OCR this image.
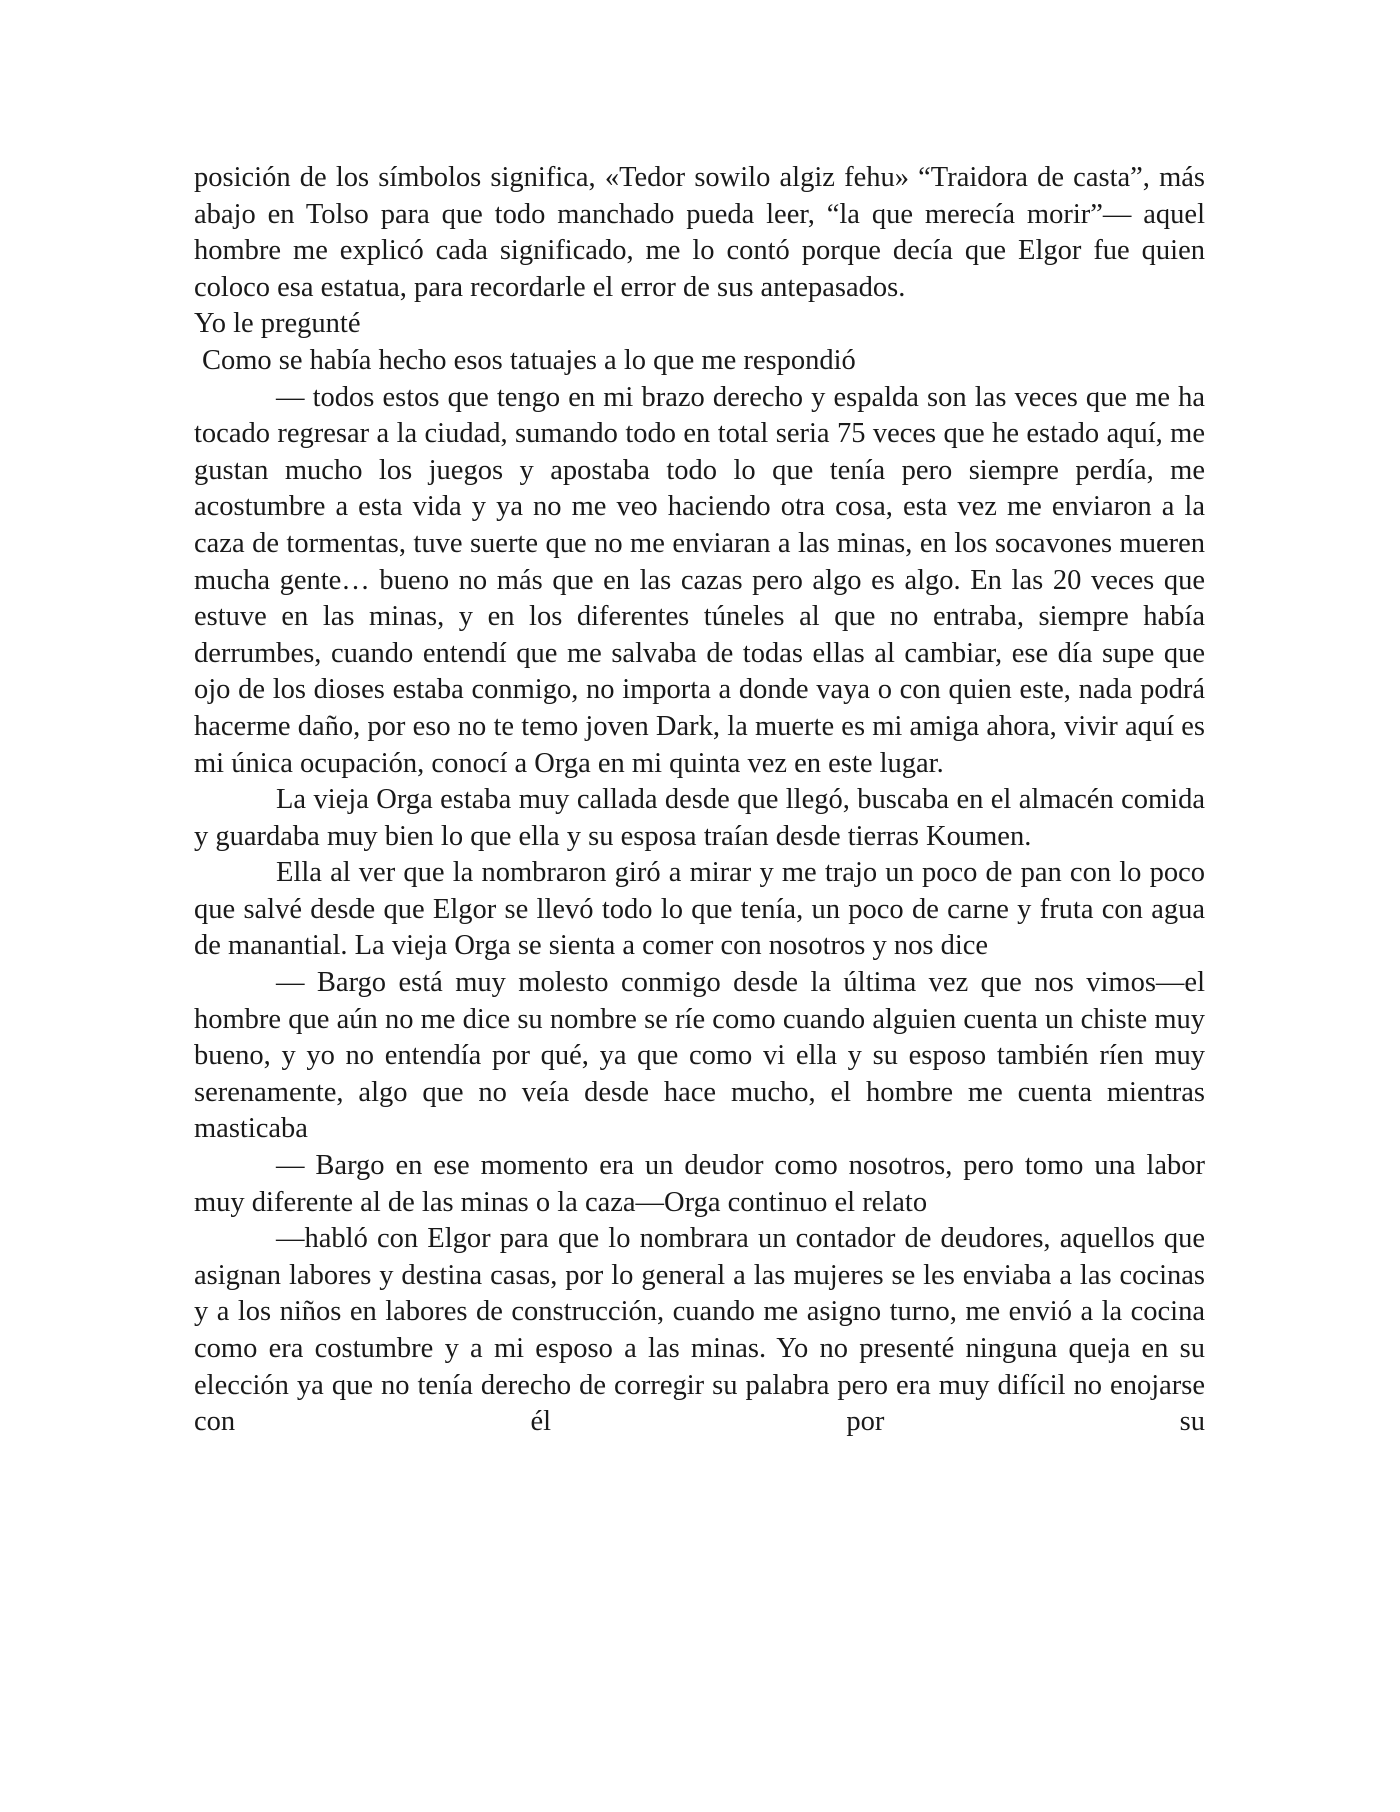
posición de los símbolos significa, «Tedor sowilo algiz fehu» “Traidora de casta”, más abajo en Tolso para que todo manchado pueda leer, “la que merecía morir”— aquel hombre me explicó cada significado, me lo contó porque decía que Elgor fue quien coloco esa estatua, para recordarle el error de sus antepasados.

Yo le pregunté

Como se había hecho esos tatuajes a lo que me respondió

— todos estos que tengo en mi brazo derecho y espalda son las veces que me ha tocado regresar a la ciudad, sumando todo en total seria 75 veces que he estado aquí, me gustan mucho los juegos y apostaba todo lo que tenía pero siempre perdía, me acostumbre a esta vida y ya no me veo haciendo otra cosa, esta vez me enviaron a la caza de tormentas, tuve suerte que no me enviaran a las minas, en los socavones mueren mucha gente… bueno no más que en las cazas pero algo es algo. En las 20 veces que estuve en las minas, y en los diferentes túneles al que no entraba, siempre había derrumbes, cuando entendí que me salvaba de todas ellas al cambiar, ese día supe que ojo de los dioses estaba conmigo, no importa a donde vaya o con quien este, nada podrá hacerme daño, por eso no te temo joven Dark, la muerte es mi amiga ahora, vivir aquí es mi única ocupación, conocí a Orga en mi quinta vez en este lugar.

La vieja Orga estaba muy callada desde que llegó, buscaba en el almacén comida y guardaba muy bien lo que ella y su esposa traían desde tierras Koumen.

Ella al ver que la nombraron giró a mirar y me trajo un poco de pan con lo poco que salvé desde que Elgor se llevó todo lo que tenía, un poco de carne y fruta con agua de manantial. La vieja Orga se sienta a comer con nosotros y nos dice

— Bargo está muy molesto conmigo desde la última vez que nos vimos—el hombre que aún no me dice su nombre se ríe como cuando alguien cuenta un chiste muy bueno, y yo no entendía por qué, ya que como vi ella y su esposo también ríen muy serenamente, algo que no veía desde hace mucho, el hombre me cuenta mientras masticaba

— Bargo en ese momento era un deudor como nosotros, pero tomo una labor muy diferente al de las minas o la caza—Orga continuo el relato

—habló con Elgor para que lo nombrara un contador de deudores, aquellos que asignan labores y destina casas, por lo general a las mujeres se les enviaba a las cocinas y a los niños en labores de construcción, cuando me asigno turno, me envió a la cocina como era costumbre y a mi esposo a las minas. Yo no presenté ninguna queja en su elección ya que no tenía derecho de corregir su palabra pero era muy difícil no enojarse con él por su
